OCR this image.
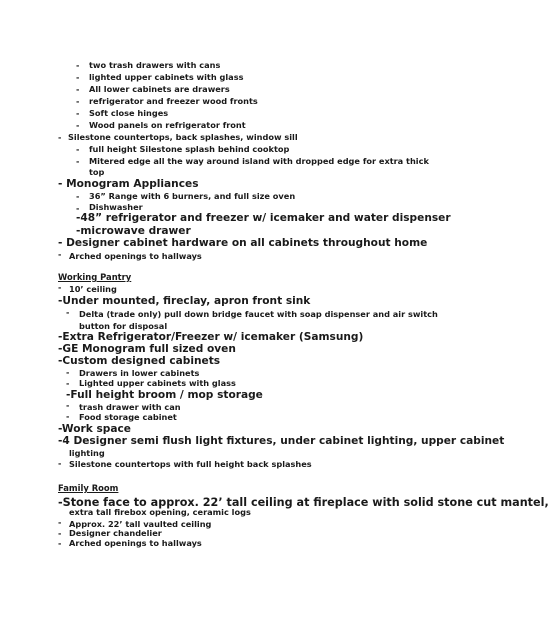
- two trash drawers with cans
- lighted upper cabinets with glass
- All lower cabinets are drawers
- refrigerator and freezer wood fronts
- Soft close hinges
- Wood panels on refrigerator front
- Silestone countertops, back splashes, window sill
- full height Silestone splash behind cooktop
- Mitered edge all the way around island with dropped edge for extra thick
top
- Monogram Appliances
- 36” Range with 6 burners, and full size oven
- Dishwasher
-48” refrigerator and freezer w/ icemaker and water dispenser
-microwave drawer
- Designer cabinet hardware on all cabinets throughout home
- Arched openings to hallways
Working Pantry
- 10’ ceiling
-Under mounted, fireclay, apron front sink
- Delta (trade only) pull down bridge faucet with soap dispenser and air switch
button for disposal
-Extra Refrigerator/Freezer w/ icemaker (Samsung)
-GE Monogram full sized oven
-Custom designed cabinets
- Drawers in lower cabinets
- Lighted upper cabinets with glass
-Full height broom / mop storage
- trash drawer with can
- Food storage cabinet
-Work space
-4 Designer semi flush light fixtures, under cabinet lighting, upper cabinet
lighting
- Silestone countertops with full height back splashes
Family Room
-Stone face to approx. 22’ tall ceiling at fireplace with solid stone cut mantel,
extra tall firebox opening, ceramic logs
- Approx. 22’ tall vaulted ceiling
- Designer chandelier
- Arched openings to hallways
